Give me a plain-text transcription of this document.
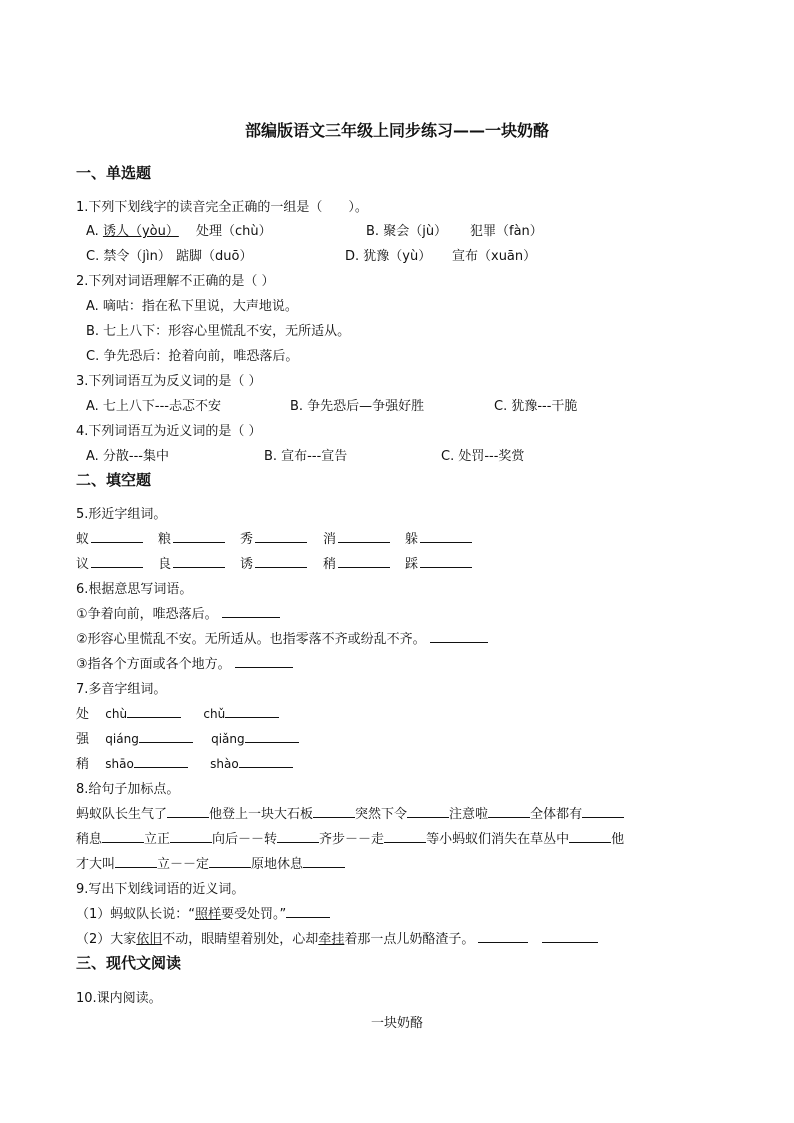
部编版语文三年级上同步练习——一块奶酪
一、单选题
1.下列下划线字的读音完全正确的一组是（　　）。
A. 诱人（yòu） 处理（chù）	B. 聚会（jù） 犯罪（fàn）
C. 禁令（jìn） 踮脚（duō）	D. 犹豫（yù） 宣布（xuān）
2.下列对词语理解不正确的是（ ）
A. 嘀咕：指在私下里说，大声地说。
B. 七上八下：形容心里慌乱不安，无所适从。
C. 争先恐后：抢着向前，唯恐落后。
3.下列词语互为反义词的是（ ）
A. 七上八下---忐忑不安	B. 争先恐后—争强好胜	C. 犹豫---干脆
4.下列词语互为近义词的是（ ）
A. 分散---集中	B. 宣布---宣告	C. 处罚---奖赏
二、填空题
5.形近字组词。
蚁	粮	秀	消	躲
议	良	诱	稍	踩
6.根据意思写词语。
①争着向前，唯恐落后。
②形容心里慌乱不安。无所适从。也指零落不齐或纷乱不齐。
③指各个方面或各个地方。
7.多音字组词。
处 chù	chǔ
强 qiáng	qiǎng
稍 shāo	shào
8.给句子加标点。
蚂蚁队长生气了	他登上一块大石板	突然下令	注意啦	全体都有
稍息	立正	向后－－转	齐步－－走	等小蚂蚁们消失在草丛中	他
才大叫	立－－定	原地休息
9.写出下划线词语的近义词。
（1）蚂蚁队长说：“照样要受处罚。”
（2）大家依旧不动，眼睛望着别处，心却牵挂着那一点儿奶酪渣子。
三、现代文阅读
10.课内阅读。
一块奶酪
